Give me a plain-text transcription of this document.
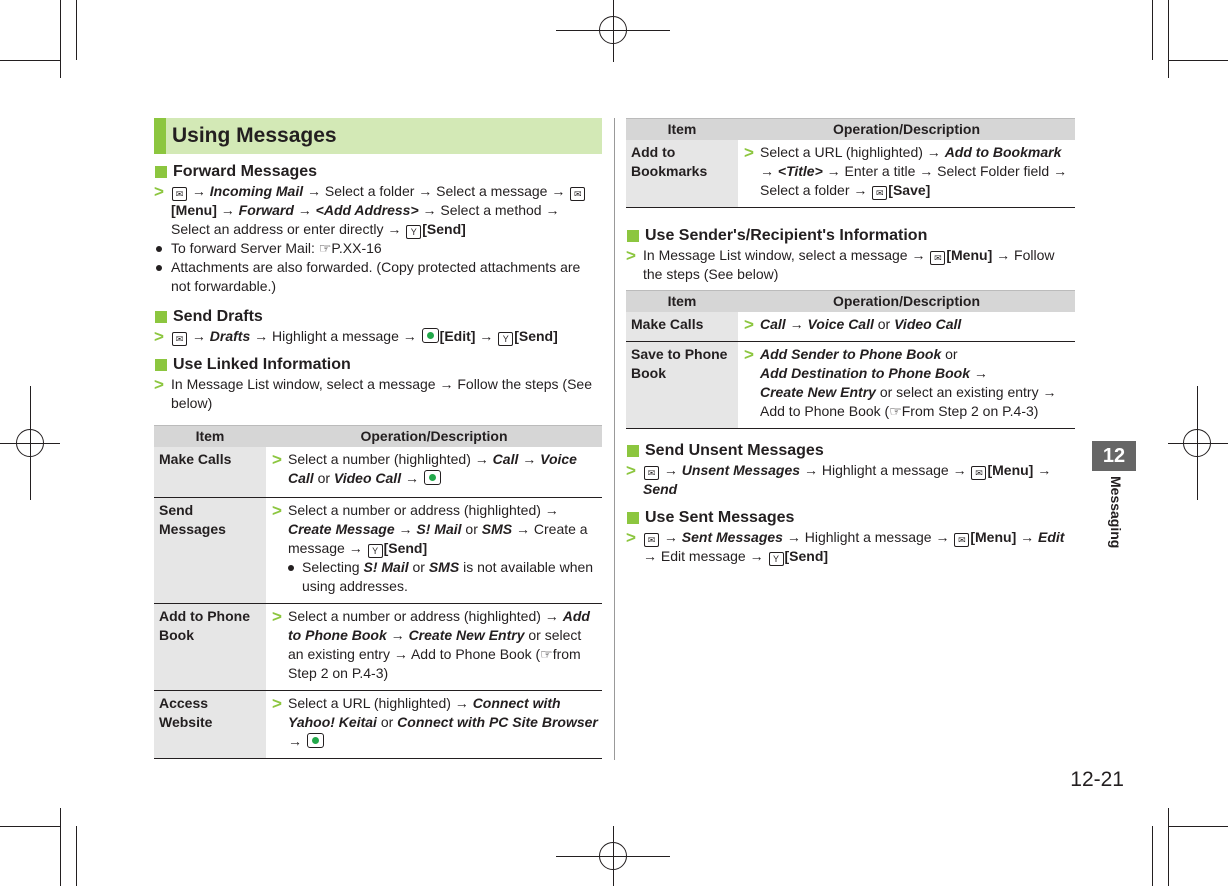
Using Messages
Forward Messages
> ✉ → Incoming Mail → Select a folder → Select a message → ✉[Menu] → Forward → <Add Address> → Select a method → Select an address or enter directly → Y [Send]
To forward Server Mail: ☞P.XX-16
Attachments are also forwarded. (Copy protected attachments are not forwardable.)
Send Drafts
> ✉ → Drafts → Highlight a message → [Edit] → Y [Send]
Use Linked Information
> In Message List window, select a message → Follow the steps (See below)
Item	Operation/Description
Make Calls	> Select a number (highlighted) → Call → Voice Call or Video Call →
Send Messages	> Select a number or address (highlighted) → Create Message → S! Mail or SMS → Create a message → Y [Send]
Selecting S! Mail or SMS is not available when using addresses.

Add to Phone Book	> Select a number or address (highlighted) → Add to Phone Book → Create New Entry or select an existing entry → Add to Phone Book (☞from Step 2 on P.4-3)
Access Website	> Select a URL (highlighted) → Connect with Yahoo! Keitai or Connect with PC Site Browser →
Item	Operation/Description
Add to Bookmarks	> Select a URL (highlighted) → Add to Bookmark → <Title> → Enter a title → Select Folder field → Select a folder → ✉ [Save]
Use Sender's/Recipient's Information
> In Message List window, select a message → ✉ [Menu] → Follow the steps (See below)
Item	Operation/Description
Make Calls	> Call → Voice Call or Video Call
Save to Phone Book	> Add Sender to Phone Book or
Add Destination to Phone Book →
Create New Entry or select an existing entry → Add to Phone Book (☞From Step 2 on P.4-3)
Send Unsent Messages
> ✉ → Unsent Messages → Highlight a message → ✉ [Menu] → Send
Use Sent Messages
> ✉ → Sent Messages → Highlight a message → ✉ [Menu] → Edit → Edit message → Y [Send]
12
Messaging
12-21
